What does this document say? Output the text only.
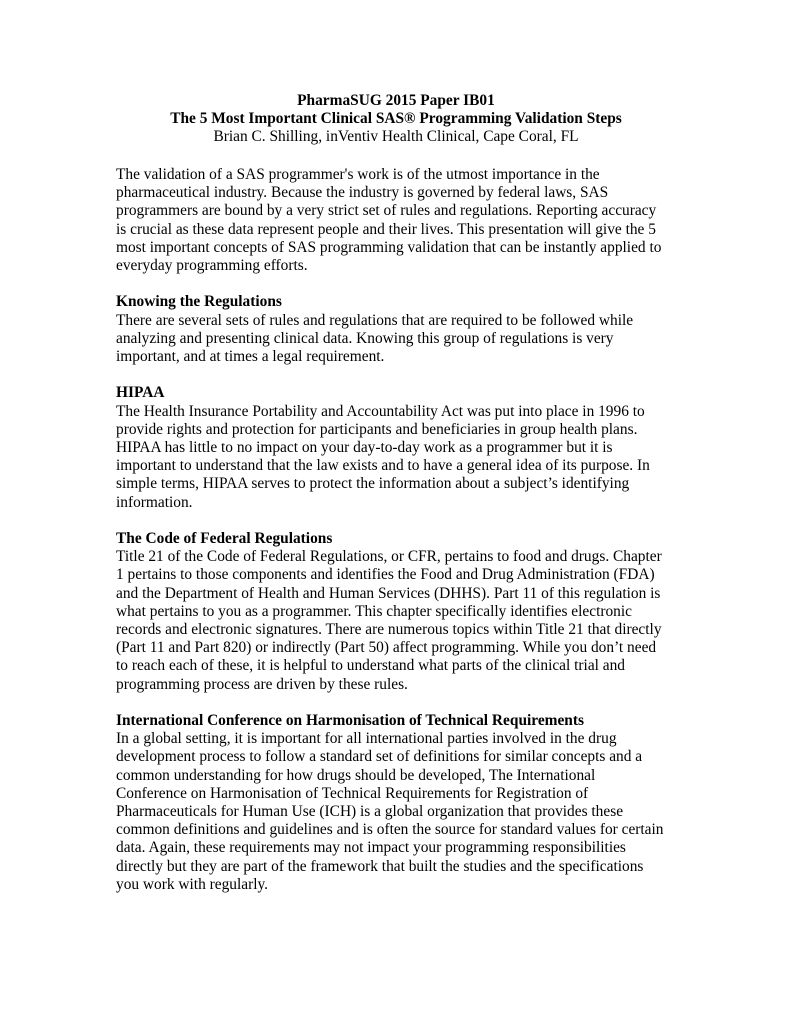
PharmaSUG 2015 Paper IB01
The 5 Most Important Clinical SAS® Programming Validation Steps
Brian C. Shilling, inVentiv Health Clinical, Cape Coral, FL

The validation of a SAS programmer's work is of the utmost importance in the
pharmaceutical industry. Because the industry is governed by federal laws, SAS
programmers are bound by a very strict set of rules and regulations. Reporting accuracy
is crucial as these data represent people and their lives. This presentation will give the 5
most important concepts of SAS programming validation that can be instantly applied to
everyday programming efforts.

Knowing the Regulations

There are several sets of rules and regulations that are required to be followed while
analyzing and presenting clinical data. Knowing this group of regulations is very
important, and at times a legal requirement.

HIPAA

The Health Insurance Portability and Accountability Act was put into place in 1996 to
provide rights and protection for participants and beneficiaries in group health plans.
HIPAA has little to no impact on your day-to-day work as a programmer but it is
important to understand that the law exists and to have a general idea of its purpose. In
simple terms, HIPAA serves to protect the information about a subject’s identifying
information.

The Code of Federal Regulations

Title 21 of the Code of Federal Regulations, or CFR, pertains to food and drugs. Chapter
1 pertains to those components and identifies the Food and Drug Administration (FDA)
and the Department of Health and Human Services (DHHS). Part 11 of this regulation is
what pertains to you as a programmer. This chapter specifically identifies electronic
records and electronic signatures. There are numerous topics within Title 21 that directly
(Part 11 and Part 820) or indirectly (Part 50) affect programming. While you don’t need
to reach each of these, it is helpful to understand what parts of the clinical trial and
programming process are driven by these rules.

International Conference on Harmonisation of Technical Requirements

In a global setting, it is important for all international parties involved in the drug
development process to follow a standard set of definitions for similar concepts and a
common understanding for how drugs should be developed, The International
Conference on Harmonisation of Technical Requirements for Registration of
Pharmaceuticals for Human Use (ICH) is a global organization that provides these
common definitions and guidelines and is often the source for standard values for certain
data. Again, these requirements may not impact your programming responsibilities
directly but they are part of the framework that built the studies and the specifications
you work with regularly.
